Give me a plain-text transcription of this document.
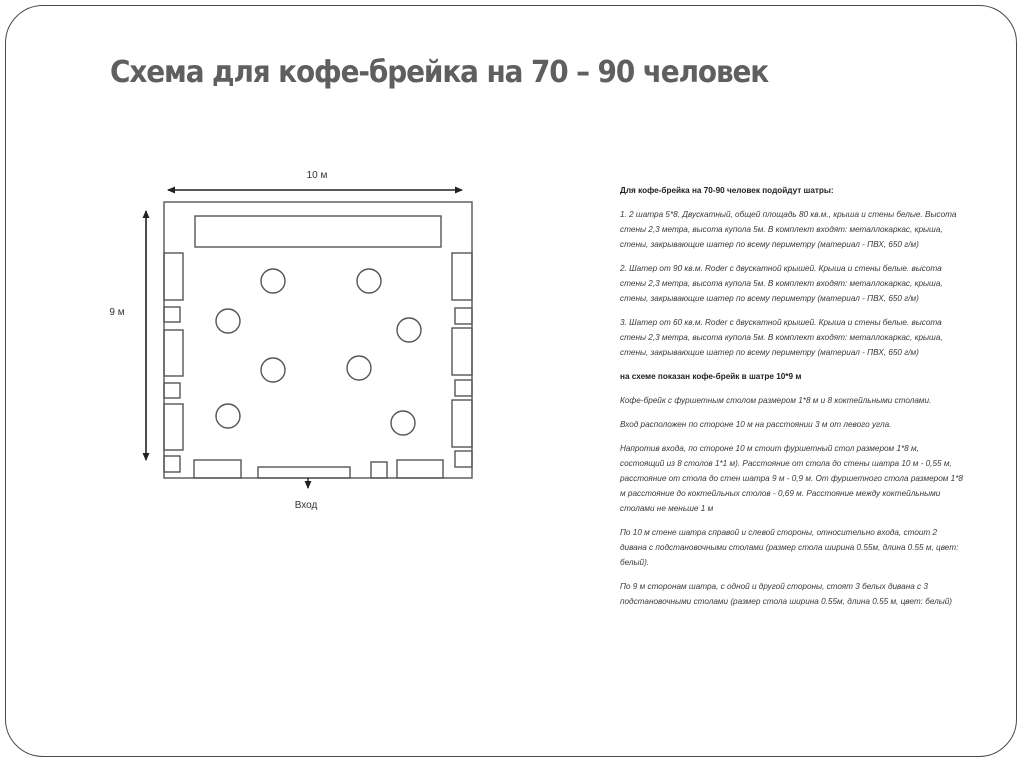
Схема для кофе-брейка на 70 – 90 человек
10 м
9 м
Вход

Для кофе-брейка на 70-90 человек подойдут шатры:

1. 2 шатра 5*8. Двускатный, общей площадь 80 кв.м., крыша и стены белые. Высота стены 2,3 метра, высота купола 5м. В комплект входят: металлокаркас, крыша, стены, закрывающие шатер по всему периметру (материал - ПВХ, 650 г/м)

2. Шатер от 90 кв.м. Roder с двускатной крышей. Крыша и стены белые. высота стены 2,3 метра, высота купола 5м. В комплект входят: металлокаркас, крыша, стены, закрывающие шатер по всему периметру (материал - ПВХ, 650 г/м)

3. Шатер от 60 кв.м. Roder с двускатной крышей. Крыша и стены белые. высота стены 2,3 метра, высота купола 5м. В комплект входят: металлокаркас, крыша, стены, закрывающие шатер по всему периметру (материал - ПВХ, 650 г/м)

на схеме показан кофе-брейк в шатре 10*9 м

Кофе-брейк с фуршетным столом размером 1*8 м и 8 коктейльными столами.

Вход расположен по стороне 10 м на расстоянии 3 м от левого угла.

Напротив входа, по стороне 10 м стоит фуршетный стол размером 1*8 м, состоящий из 8 столов 1*1 м). Расстояние от стола до стены шатра 10 м - 0,55 м, расстояние от стола до стен шатра 9 м - 0,9 м. От фуршетного стола размером 1*8 м расстояние до коктейльных столов - 0,69 м. Расстояние между коктейльными столами не меньше 1 м

По 10 м стене шатра справой и слевой стороны, относительно входа, стоит 2 дивана с подстановочными столами (размер стола ширина 0.55м, длина 0.55 м, цвет: белый).

По 9 м сторонам шатра, с одной и другой стороны, стоят 3 белых дивана с 3 подстановочными столами (размер стола ширина 0.55м, длина 0.55 м, цвет: белый)
